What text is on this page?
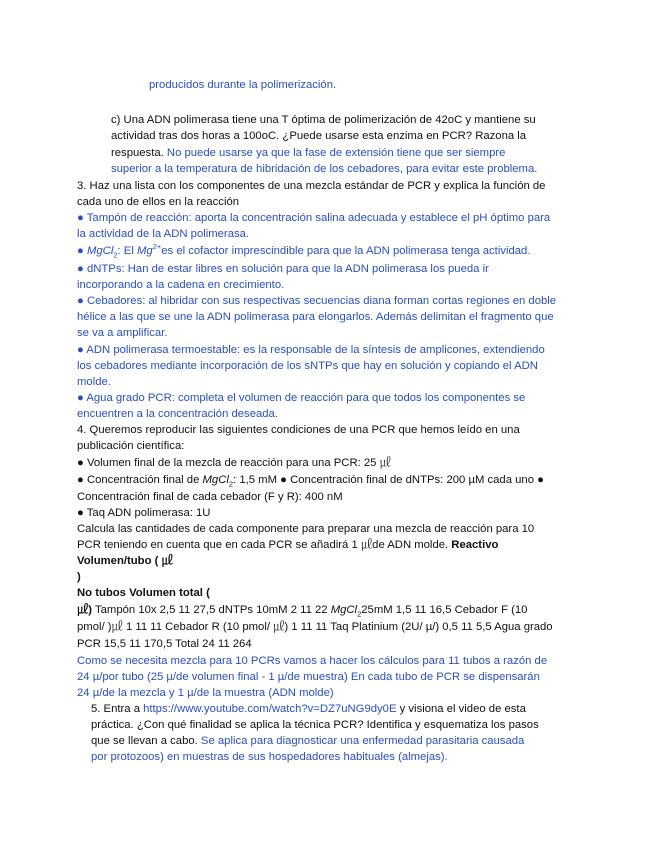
producidos durante la polimerización.
c) Una ADN polimerasa tiene una T óptima de polimerización de 42oC y mantiene su
actividad tras dos horas a 100oC. ¿Puede usarse esta enzima en PCR? Razona la
respuesta. No puede usarse ya que la fase de extensión tiene que ser siempre
superior a la temperatura de hibridación de los cebadores, para evitar este problema.
3. Haz una lista con los componentes de una mezcla estándar de PCR y explica la función de
cada uno de ellos en la reacción
● Tampón de reacción: aporta la concentración salina adecuada y establece el pH óptimo para
la actividad de la ADN polimerasa.
● MgCl$_2$: El $Mg^{2+}es$ el cofactor imprescindible para que la ADN polimerasa tenga actividad.
● dNTPs: Han de estar libres en solución para que la ADN polimerasa los pueda ir
incorporando a la cadena en crecimiento.
● Cebadores: al hibridar con sus respectivas secuencias diana forman cortas regiones en doble
hélice a las que se une la ADN polimerasa para elongarlos. Además delimitan el fragmento que
se va a amplificar.
● ADN polimerasa termoestable: es la responsable de la síntesis de amplicones, extendiendo
los cebadores mediante incorporación de los sNTPs que hay en solución y copiando el ADN
molde.
● Agua grado PCR: completa el volumen de reacción para que todos los componentes se
encuentren a la concentración deseada.
4. Queremos reproducir las siguientes condiciones de una PCR que hemos leído en una
publicación científica:
● Volumen final de la mezcla de reacción para una PCR: 25 ㎕
● Concentración final de MgCl$_2$: 1,5 mM ● Concentración final de dNTPs: 200 µM cada uno ●
Concentración final de cada cebador (F y R): 400 nM
● Taq ADN polimerasa: 1U
Calcula las cantidades de cada componente para preparar una mezcla de reacción para 10
PCR teniendo en cuenta que en cada PCR se añadirá 1 ㎕de ADN molde. Reactivo
Volumen/tubo ( ㎕
)
No tubos Volumen total (
㎕) Tampón 10x 2,5 11 27,5 dNTPs 10mM 2 11 22 MgCl$_2$25mM 1,5 11 16,5 Cebador F (10
pmol/ )㎕ 1 11 11 Cebador R (10 pmol/ ㎕) 1 11 11 Taq Platinium (2U/ µ/) 0,5 11 5,5 Agua grado
PCR 15,5 11 170,5 Total 24 11 264
Como se necesita mezcla para 10 PCRs vamos a hacer los cálculos para 11 tubos a razón de
24 µ/por tubo (25 µ/de volumen final - 1 µ/de muestra) En cada tubo de PCR se dispensarán
24 µ/de la mezcla y 1 µ/de la muestra (ADN molde)
5. Entra a https://www.youtube.com/watch?v=DZ7uNG9dy0E y visiona el video de esta
práctica. ¿Con qué finalidad se aplica la técnica PCR? Identifica y esquematiza los pasos
que se llevan a cabo. Se aplica para diagnosticar una enfermedad parasitaria causada
por protozoos) en muestras de sus hospedadores habituales (almejas).
